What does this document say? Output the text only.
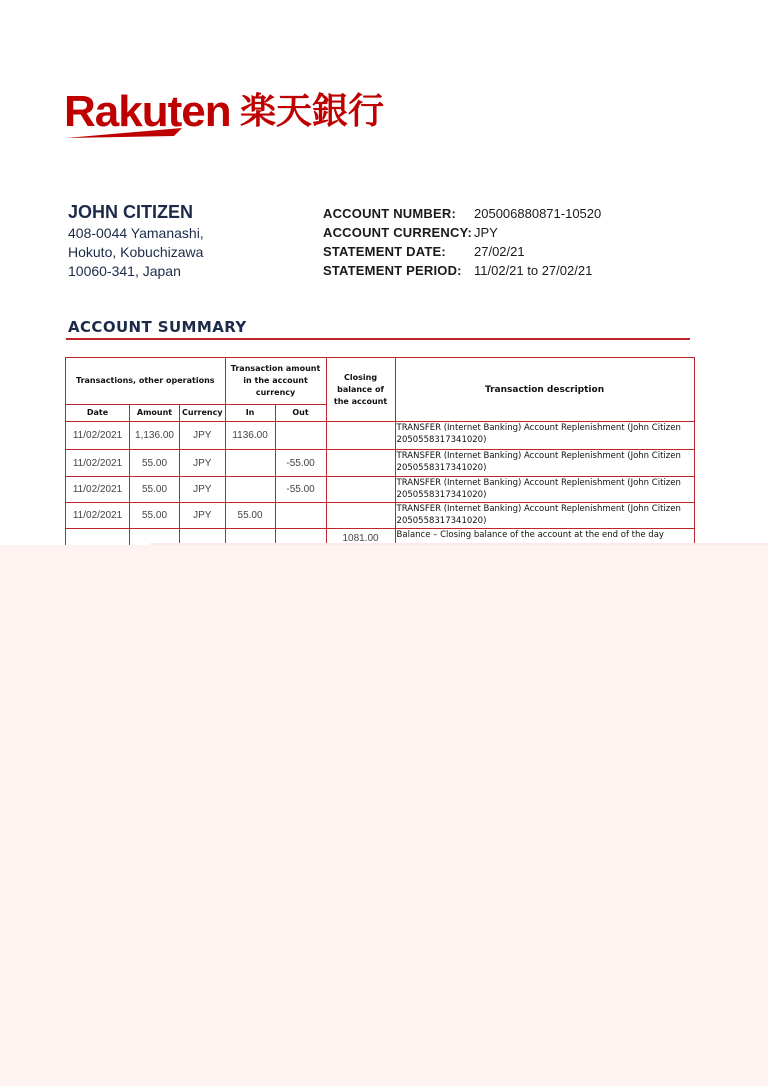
Rakuten 楽天銀行
JOHN CITIZEN
408-0044 Yamanashi,
Hokuto, Kobuchizawa
10060-341, Japan
ACCOUNT NUMBER: 205006880871-10520
ACCOUNT CURRENCY: JPY
STATEMENT DATE: 27/02/21
STATEMENT PERIOD: 11/02/21 to 27/02/21
ACCOUNT SUMMARY
Transactions, other operations			Transaction amount in the account currency		Closing balance of the account	Transaction description
Date	Amount	Currency	In	Out		
11/02/2021	1,136.00	JPY	1136.00			TRANSFER (Internet Banking) Account Replenishment (John Citizen 2050558317341020)
11/02/2021	55.00	JPY		-55.00		TRANSFER (Internet Banking) Account Replenishment (John Citizen 2050558317341020)
11/02/2021	55.00	JPY		-55.00		TRANSFER (Internet Banking) Account Replenishment (John Citizen 2050558317341020)
11/02/2021	55.00	JPY	55.00			TRANSFER (Internet Banking) Account Replenishment (John Citizen 2050558317341020)
					1081.00	Balance – Closing balance of the account at the end of the day
